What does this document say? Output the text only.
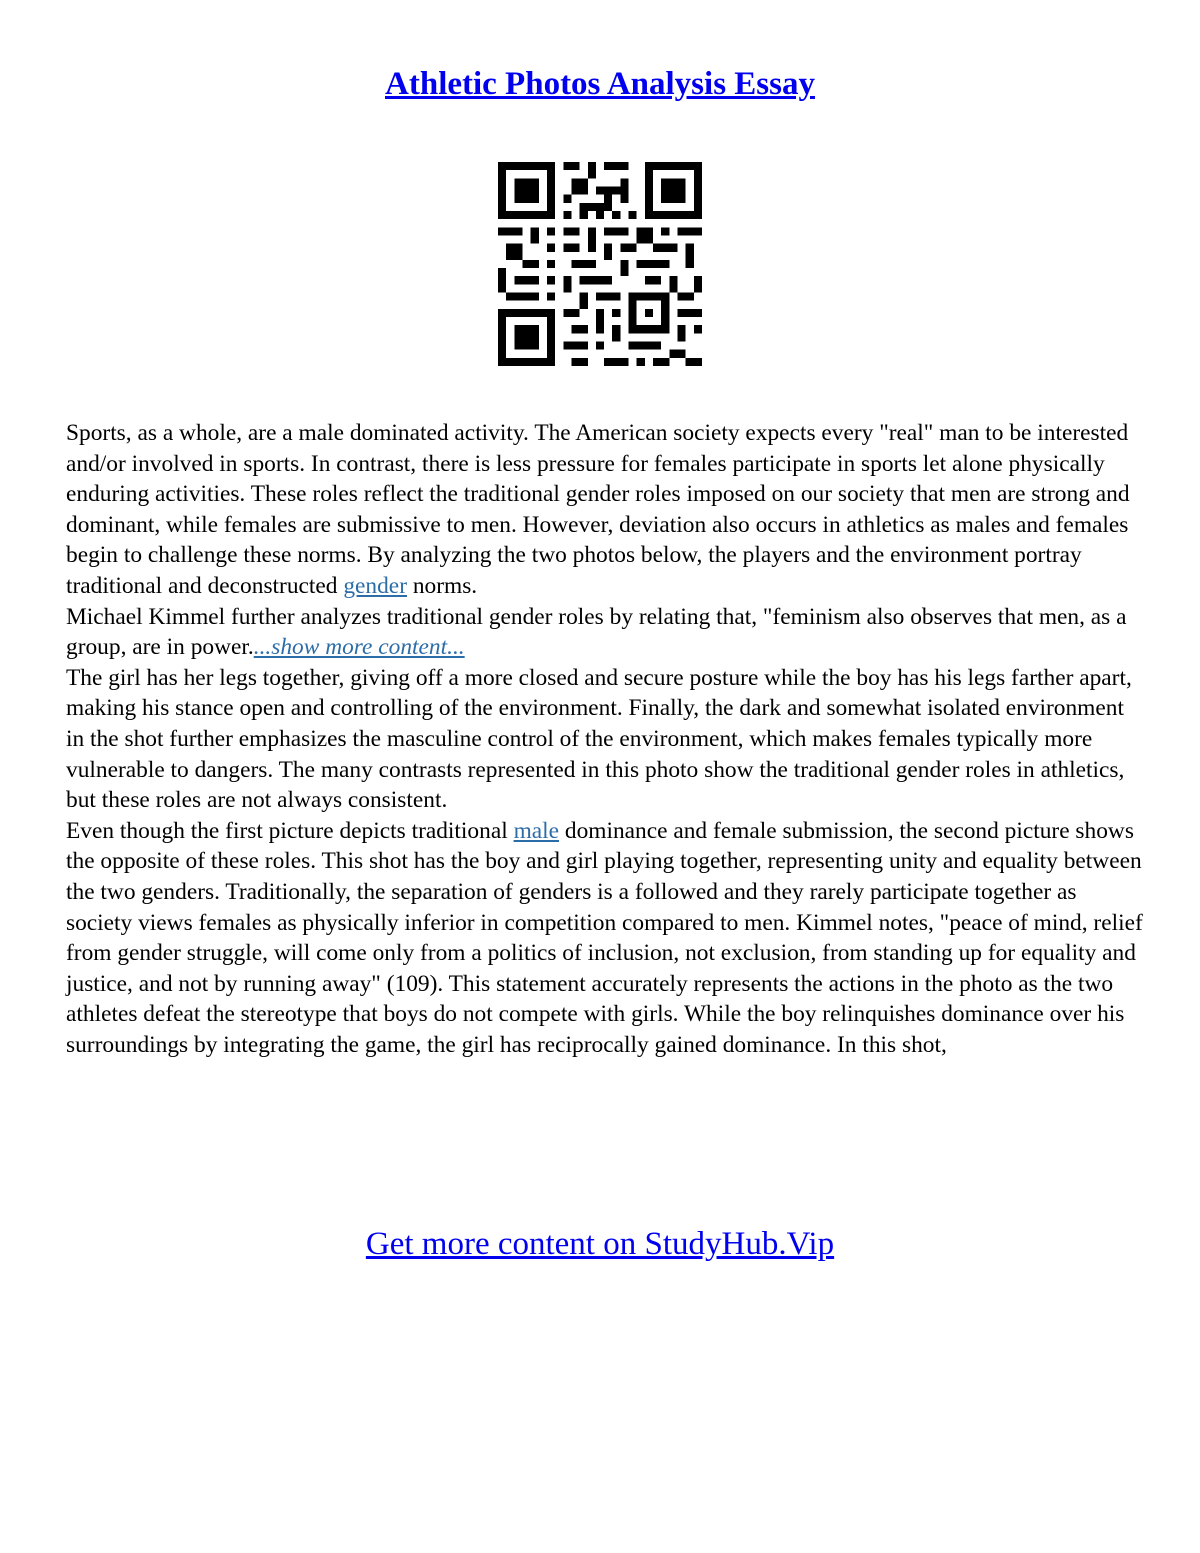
Athletic Photos Analysis Essay

Sports, as a whole, are a male dominated activity. The American society expects every "real" man to be interested and/or involved in sports. In contrast, there is less pressure for females participate in sports let alone physically enduring activities. These roles reflect the traditional gender roles imposed on our society that men are strong and dominant, while females are submissive to men. However, deviation also occurs in athletics as males and females begin to challenge these norms. By analyzing the two photos below, the players and the environment portray traditional and deconstructed gender norms.

Michael Kimmel further analyzes traditional gender roles by relating that, "feminism also observes that men, as a group, are in power....show more content...

The girl has her legs together, giving off a more closed and secure posture while the boy has his legs farther apart, making his stance open and controlling of the environment. Finally, the dark and somewhat isolated environment in the shot further emphasizes the masculine control of the environment, which makes females typically more vulnerable to dangers. The many contrasts represented in this photo show the traditional gender roles in athletics, but these roles are not always consistent.

Even though the first picture depicts traditional male dominance and female submission, the second picture shows the opposite of these roles. This shot has the boy and girl playing together, representing unity and equality between the two genders. Traditionally, the separation of genders is a followed and they rarely participate together as society views females as physically inferior in competition compared to men. Kimmel notes, "peace of mind, relief from gender struggle, will come only from a politics of inclusion, not exclusion, from standing up for equality and justice, and not by running away" (109). This statement accurately represents the actions in the photo as the two athletes defeat the stereotype that boys do not compete with girls. While the boy relinquishes dominance over his surroundings by integrating the game, the girl has reciprocally gained dominance. In this shot,

Get more content on StudyHub.Vip
